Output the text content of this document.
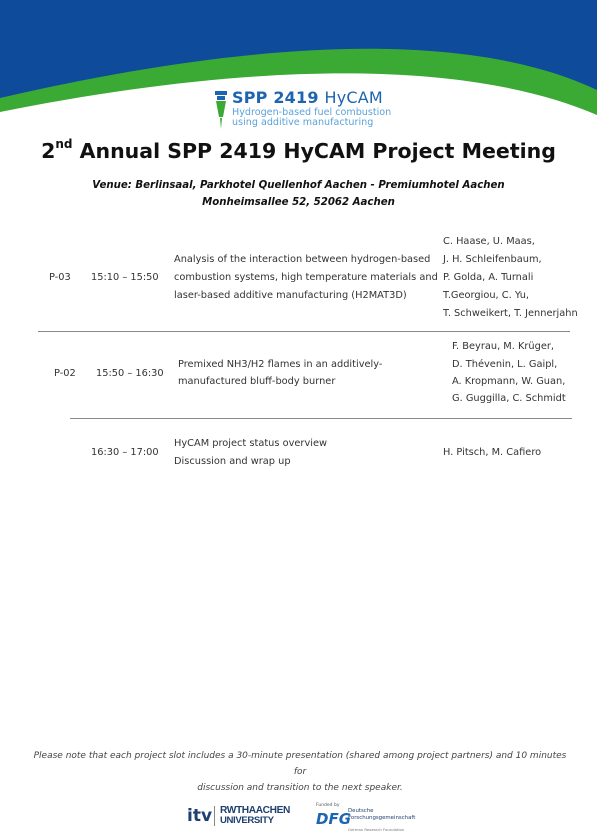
SPP 2419 HyCAM
Hydrogen-based fuel combustion
using additive manufacturing
2nd Annual SPP 2419 HyCAM Project Meeting
Venue: Berlinsaal, Parkhotel Quellenhof Aachen - Premiumhotel Aachen
Monheimsallee 52, 52062 Aachen
P-03 15:10 – 15:50
Analysis of the interaction between hydrogen-based
combustion systems, high temperature materials and
laser-based additive manufacturing (H2MAT3D)
C. Haase, U. Maas,
J. H. Schleifenbaum,
P. Golda, A. Turnali
T.Georgiou, C. Yu,
T. Schweikert, T. Jennerjahn
P-02 15:50 – 16:30
Premixed NH3/H2 flames in an additively-
manufactured bluff-body burner
F. Beyrau, M. Krüger,
D. Thévenin, L. Gaipl,
A. Kropmann, W. Guan,
G. Guggilla, C. Schmidt
16:30 – 17:00
HyCAM project status overview
Discussion and wrap up
H. Pitsch, M. Cafiero
Please note that each project slot includes a 30-minute presentation (shared among project partners) and 10 minutes for
discussion and transition to the next speaker.
itv RWTHAACHEN
UNIVERSITY
Funded by
DFG
Deutsche
Forschungsgemeinschaft
German Research Foundation
